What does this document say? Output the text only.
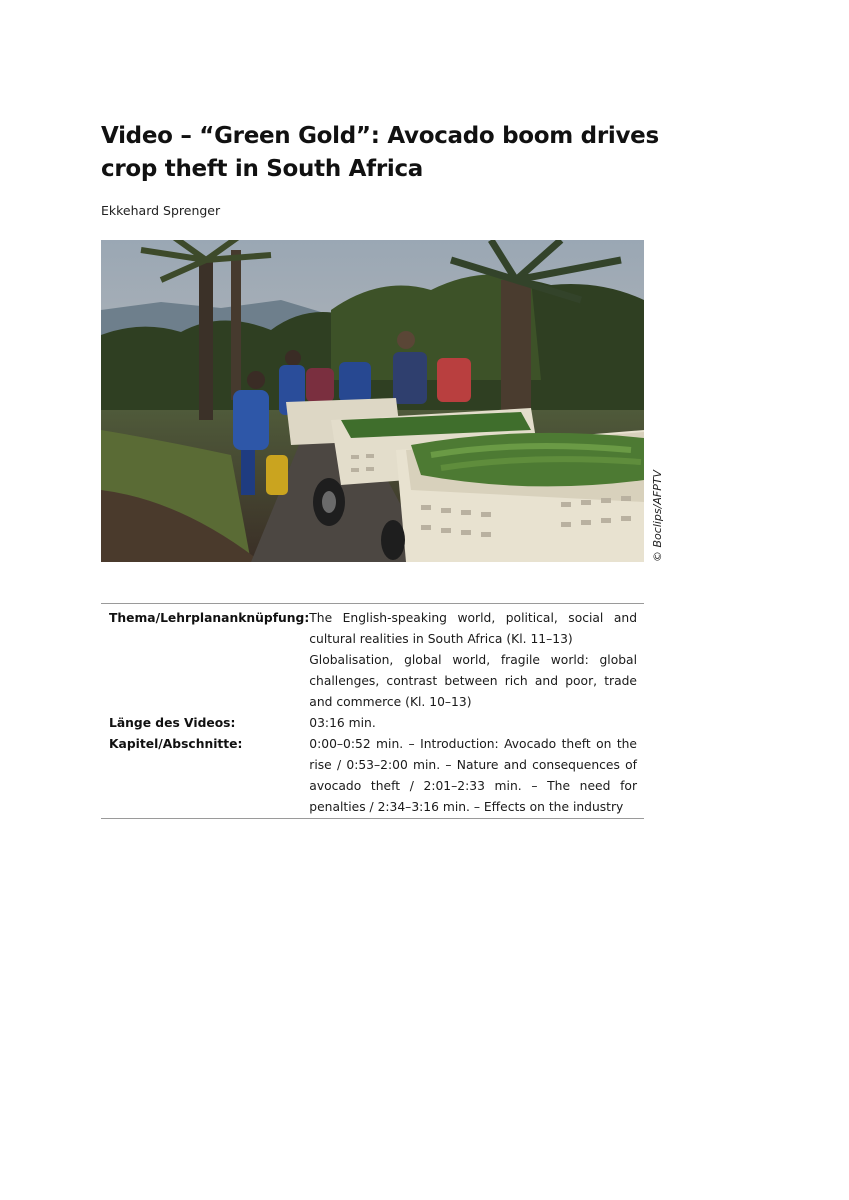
Video – “Green Gold”: Avocado boom drives crop theft in South Africa
Ekkehard Sprenger
© Boclips/AFPTV
Thema/Lehrplananknüpfung:	The English-speaking world, political, social and cultural realities in South Africa (Kl. 11–13)
Globalisation, global world, fragile world: global challenges, contrast between rich and poor, trade and commerce (Kl. 10–13)

Länge des Videos:	03:16 min.

Kapitel/Abschnitte:	0:00–0:52 min. – Introduction: Avocado theft on the rise / 0:53–2:00 min. – Nature and consequences of avocado theft / 2:01–2:33 min. – The need for penalties / 2:34–3:16 min. – Effects on the industry
